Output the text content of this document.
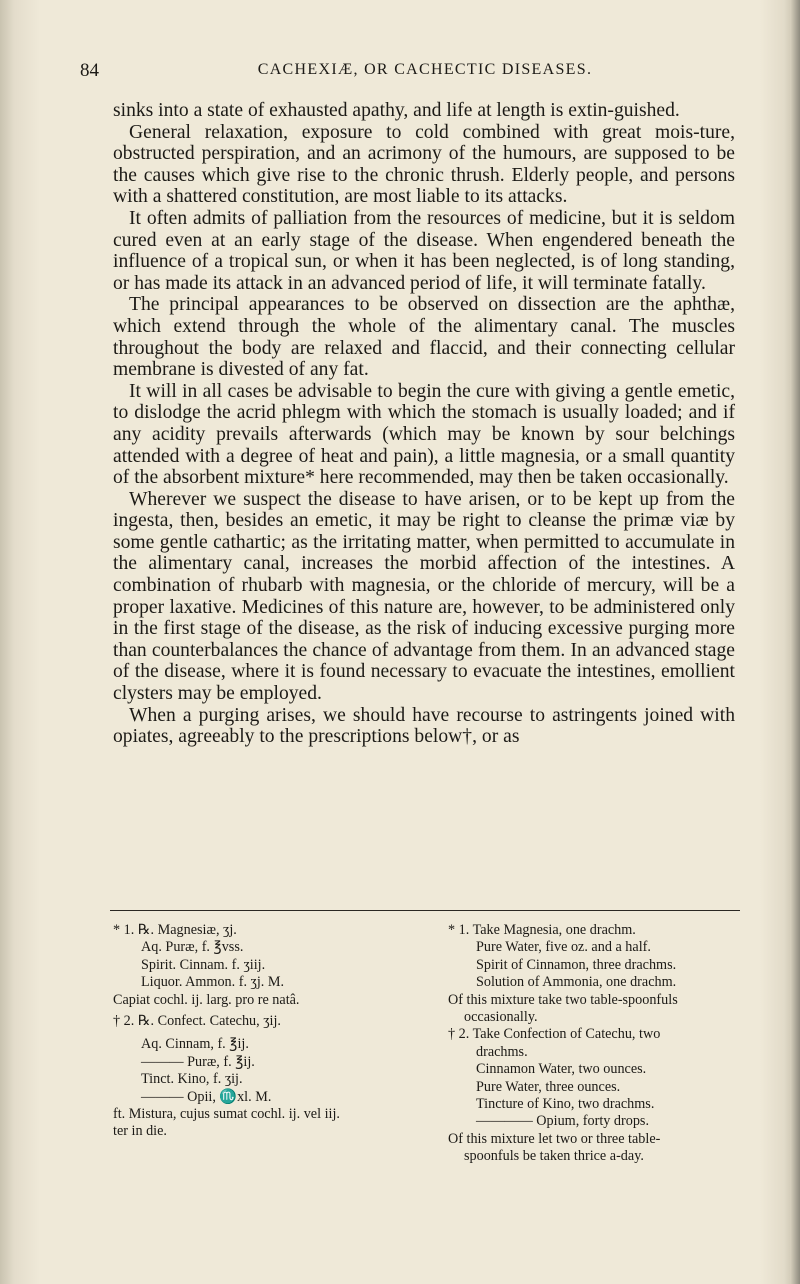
84	CACHEXIÆ, OR CACHECTIC DISEASES.

sinks into a state of exhausted apathy, and life at length is extin-guished.

General relaxation, exposure to cold combined with great mois-ture, obstructed perspiration, and an acrimony of the humours, are supposed to be the causes which give rise to the chronic thrush. Elderly people, and persons with a shattered constitution, are most liable to its attacks.

It often admits of palliation from the resources of medicine, but it is seldom cured even at an early stage of the disease. When engendered beneath the influence of a tropical sun, or when it has been neglected, is of long standing, or has made its attack in an advanced period of life, it will terminate fatally.

The principal appearances to be observed on dissection are the aphthæ, which extend through the whole of the alimentary canal. The muscles throughout the body are relaxed and flaccid, and their connecting cellular membrane is divested of any fat.

It will in all cases be advisable to begin the cure with giving a gentle emetic, to dislodge the acrid phlegm with which the stomach is usually loaded; and if any acidity prevails afterwards (which may be known by sour belchings attended with a degree of heat and pain), a little magnesia, or a small quantity of the absorbent mixture* here recommended, may then be taken occasionally.

Wherever we suspect the disease to have arisen, or to be kept up from the ingesta, then, besides an emetic, it may be right to cleanse the primæ viæ by some gentle cathartic; as the irritating matter, when permitted to accumulate in the alimentary canal, increases the morbid affection of the intestines. A combination of rhubarb with magnesia, or the chloride of mercury, will be a proper laxative. Medicines of this nature are, however, to be administered only in the first stage of the disease, as the risk of inducing excessive purging more than counterbalances the chance of advantage from them. In an advanced stage of the disease, where it is found necessary to evacuate the intestines, emollient clysters may be employed.

When a purging arises, we should have recourse to astringents joined with opiates, agreeably to the prescriptions below†, or as

* 1. ℞. Magnesiæ, ʒj.
Aq. Puræ, f. ℥vss.
Spirit. Cinnam. f. ʒiij.
Liquor. Ammon. f. ʒj. M.
Capiat cochl. ij. larg. pro re natâ.
† 2. ℞. Confect. Catechu, ʒij.
Aq. Cinnam, f. ℥ij.
——— Puræ, f. ℥ij.
Tinct. Kino, f. ʒij.
——— Opii, ♏xl. M.
ft. Mistura, cujus sumat cochl. ij. vel iij.
ter in die.
* 1. Take Magnesia, one drachm.
Pure Water, five oz. and a half.
Spirit of Cinnamon, three drachms.
Solution of Ammonia, one drachm.
Of this mixture take two table-spoonfuls
occasionally.
† 2. Take Confection of Catechu, two
drachms.
Cinnamon Water, two ounces.
Pure Water, three ounces.
Tincture of Kino, two drachms.
———— Opium, forty drops.
Of this mixture let two or three table-
spoonfuls be taken thrice a-day.
